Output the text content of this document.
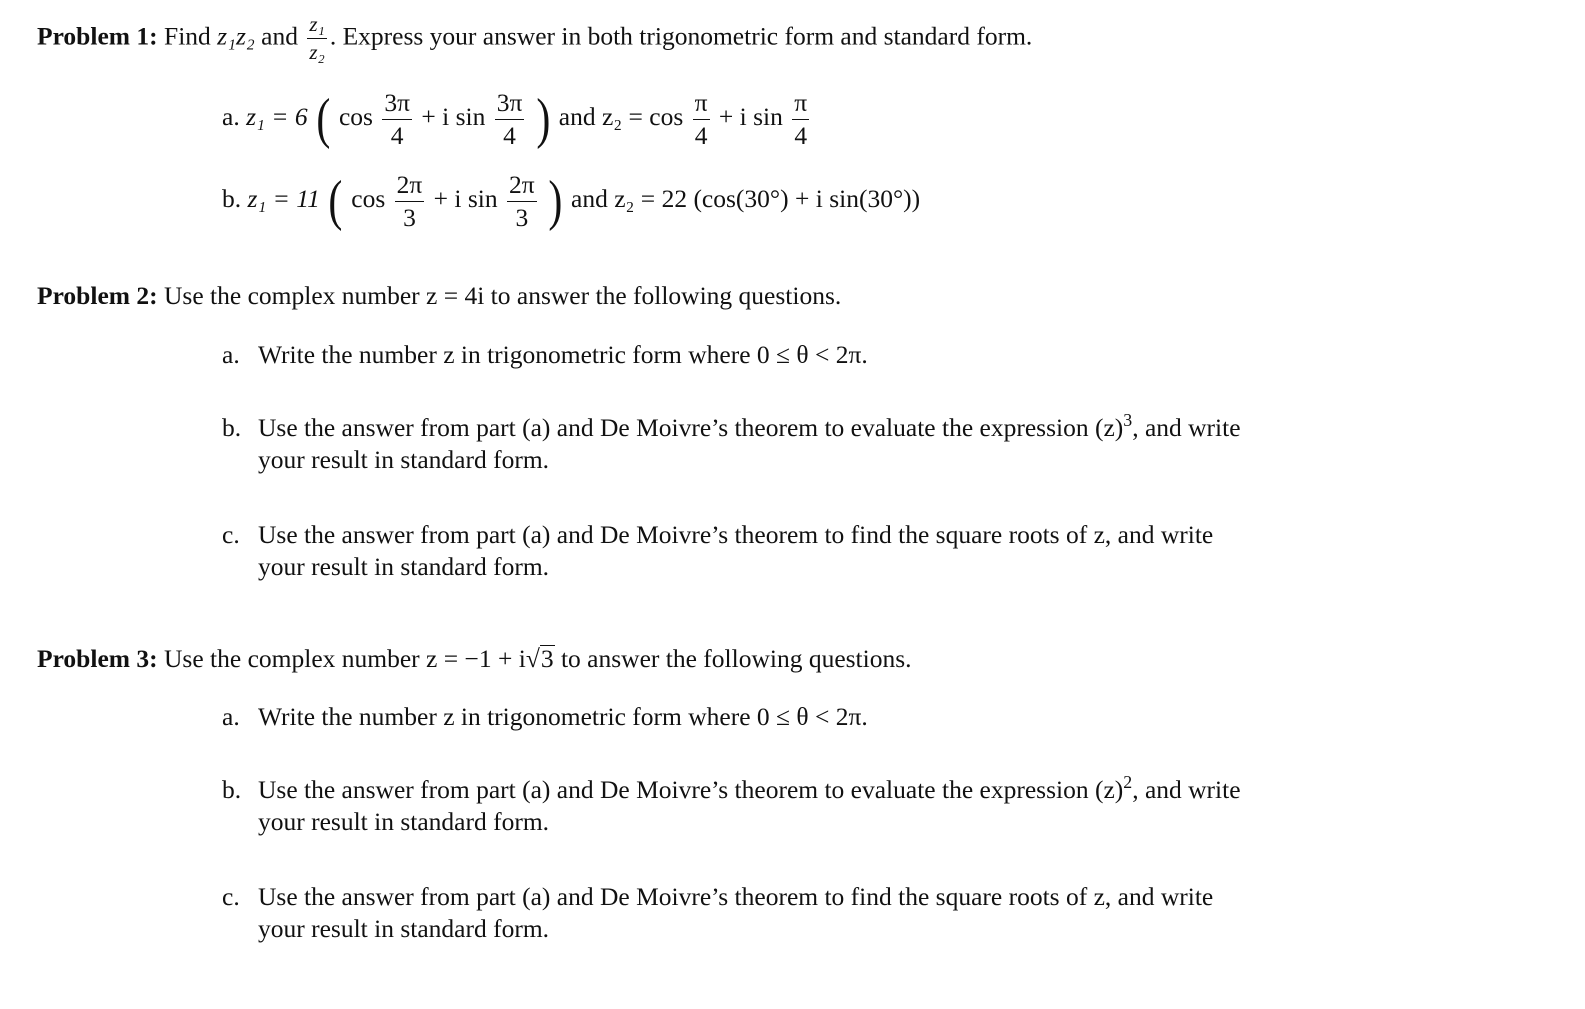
Problem 1: Find z₁z₂ and $\frac{\text{z₁}}{\text{z₂}}$ . Express your answer in both trigonometric form and standard form.
a. z₁ = 6 ( $\cos \frac{3\pi}{4} + i$ $\sin \frac{3\pi}{4}$ ) and $z_2 = \cos \frac{\pi}{4} + i$ $\sin \frac{\pi}{4}$
b. z₁ = 11 ( $\cos \frac{2\pi}{3} + i$ $\sin \frac{2\pi}{3}$ ) and z₂ = 22 (cos(30°) + i sin(30°))
Problem 2: Use the complex number z = 4i to answer the following questions.
a. Write the number z in trigonometric form where 0 ≤ θ < 2π.
b. Use the answer from part (a) and De Moivre’s theorem to evaluate the expression $(z)^3$, and write
your result in standard form.
c. Use the answer from part (a) and De Moivre’s theorem to find the square roots of z, and write
your result in standard form.
Problem 3: Use the complex number z = −1 + i√3 to answer the following questions.
a. Write the number z in trigonometric form where 0 ≤ θ < 2π.
b. Use the answer from part (a) and De Moivre’s theorem to evaluate the expression $(z)^2$, and write
your result in standard form.
c. Use the answer from part (a) and De Moivre’s theorem to find the square roots of z, and write
your result in standard form.
